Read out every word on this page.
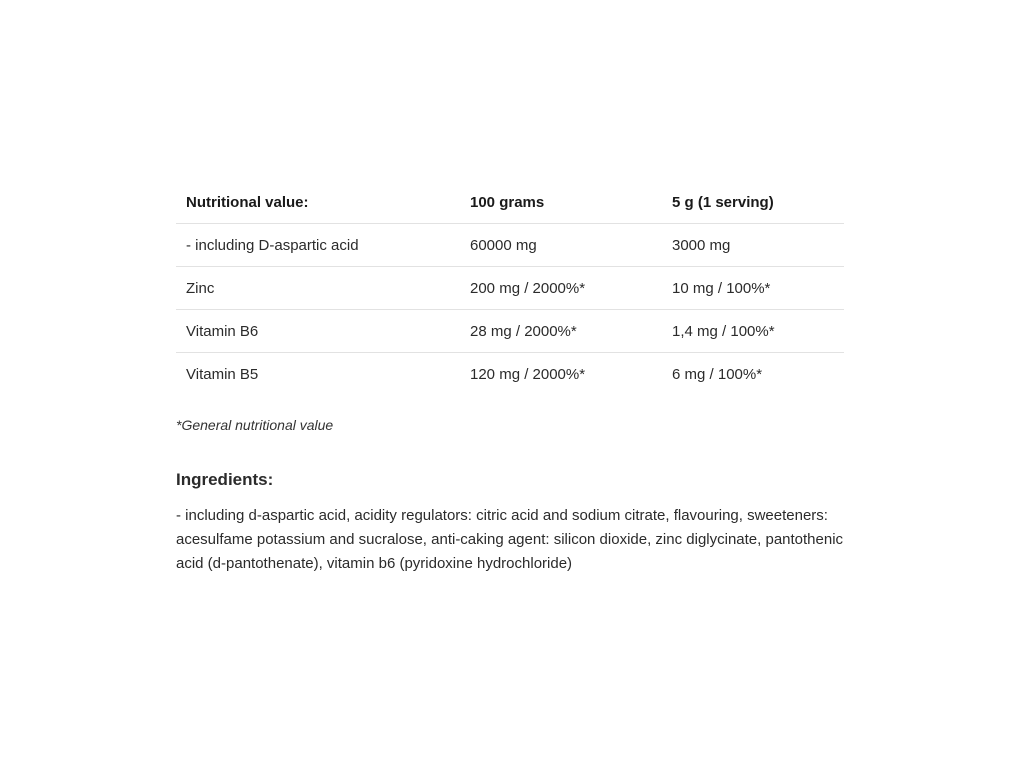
Nutritional value:	100 grams	5 g (1 serving)
- including D-aspartic acid	60000 mg	3000 mg
Zinc	200 mg / 2000%*	10 mg / 100%*
Vitamin B6	28 mg / 2000%*	1,4 mg / 100%*
Vitamin B5	120 mg / 2000%*	6 mg / 100%*
*General nutritional value
Ingredients:
- including d-aspartic acid, acidity regulators: citric acid and sodium citrate, flavouring, sweeteners: acesulfame potassium and sucralose, anti-caking agent: silicon dioxide, zinc diglycinate, pantothenic acid (d-pantothenate), vitamin b6 (pyridoxine hydrochloride)
